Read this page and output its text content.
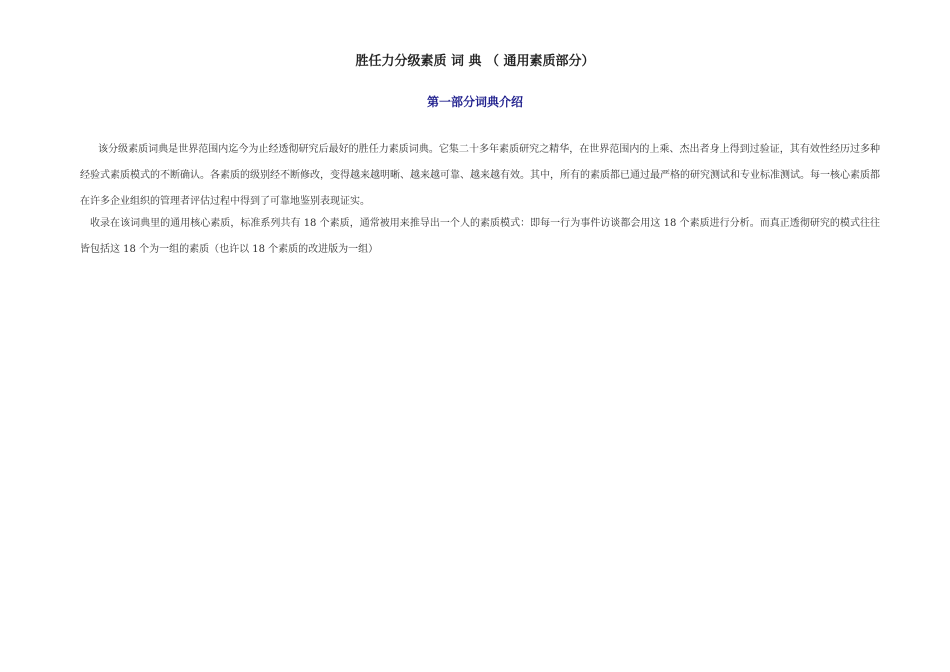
胜任力分级素质 词 典 （ 通用素质部分）
第一部分词典介绍

该分级素质词典是世界范围内迄今为止经透彻研究后最好的胜任力素质词典。它集二十多年素质研究之精华，在世界范围内的上乘、杰出者身上得到过验证，其有效性经历过多种经验式素质模式的不断确认。各素质的级别经不断修改，变得越来越明晰、越来越可靠、越来越有效。其中，所有的素质都已通过最严格的研究测试和专业标准测试。每一核心素质都在许多企业组织的管理者评估过程中得到了可靠地鉴别表现证实。

收录在该词典里的通用核心素质，标准系列共有 18 个素质，通常被用来推导出一个人的素质模式：即每一行为事件访谈都会用这 18 个素质进行分析。而真正透彻研究的模式往往皆包括这 18 个为一组的素质（也许以 18 个素质的改进版为一组）
